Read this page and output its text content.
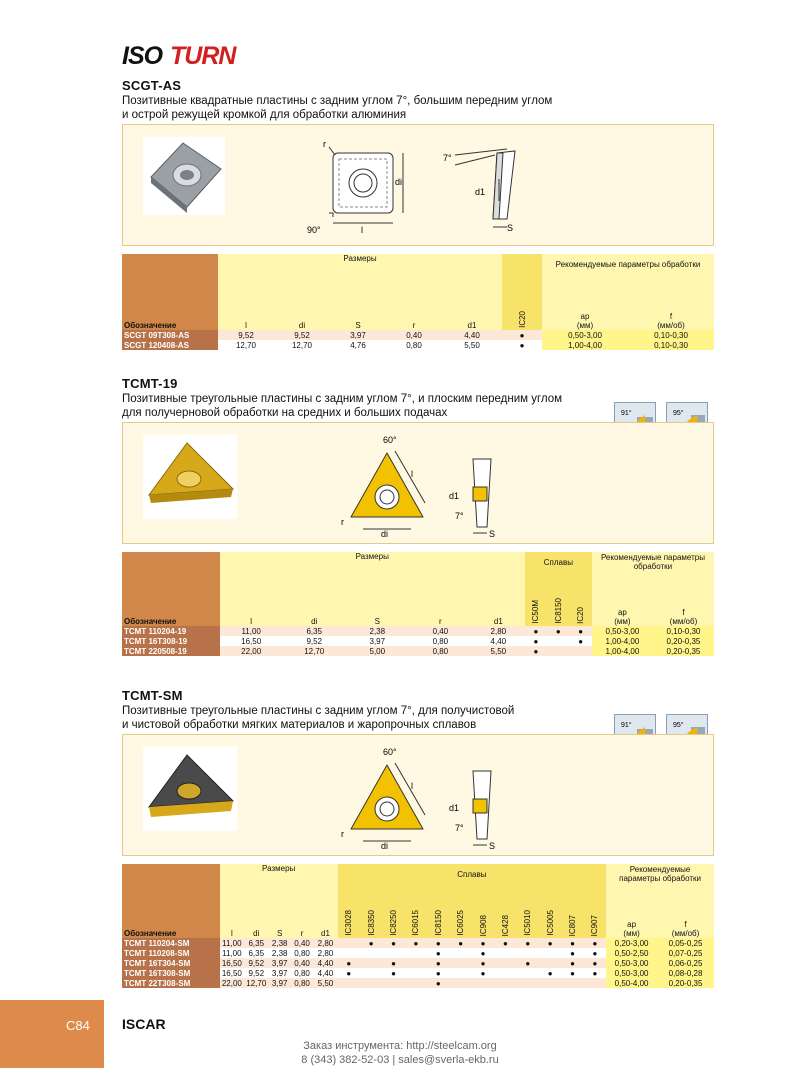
ISO TURN
SCGT-AS
Позитивные квадратные пластины с задним углом 7°, большим передним углом
и острой режущей кромкой для обработки алюминия
r
di
l
90°
7°
d1
S
	Размеры					IC20	Рекомендуемые параметры обработки	

Обозначение	l	di	S	r	d1		ap
(мм)	f
(мм/об)
SCGT 09T308-AS	9,52	9,52	3,97	0,40	4,40	●	0,50-3,00	0,10-0,30
SCGT 120408-AS	12,70	12,70	4,76	0,80	5,50	●	1,00-4,00	0,10-0,30
TCMT-19
Позитивные треугольные пластины с задним углом 7°, и плоским передним углом
для получерновой обработки на средних и больших подачах	91°	95°
60°
l
r
di
d1
7°
S
	Размеры					Сплавы			Рекомендуемые параметры обработки	
						IC50M	IC8150	IC20		
Обозначение	l	di	S	r	d1				ap
(мм)	f
(мм/об)
TCMT 110204-19	11,00	6,35	2,38	0,40	2,80	●	●	●	0,50-3,00	0,10-0,30
TCMT 16T308-19	16,50	9,52	3,97	0,80	4,40	●		●	1,00-4,00	0,20-0,35
TCMT 220508-19	22,00	12,70	5,00	0,80	5,50	●			1,00-4,00	0,20-0,35
TCMT-SM
Позитивные треугольные пластины с задним углом 7°, для получистовой
и чистовой обработки мягких материалов и жаропрочных сплавов	91°	95°
60°
l
r
di
d1
7°
S
	Размеры					Сплавы												Рекомендуемые параметры обработки	
						IC3028	IC8350	IC8250	IC6015	IC8150	IC6025	IC908	IC428	IC5010	IC5005	IC807	IC907		
Обозначение	l	di	S	r	d1													ap
(мм)	f
(мм/об)
TCMT 110204-SM	11,00	6,35	2,38	0,40	2,80		●	●	●	●	●	●	●	●	●	●	●	0,20-3,00	0,05-0,25
TCMT 110208-SM	11,00	6,35	2,38	0,80	2,80					●		●				●	●	0,50-2,50	0,07-0,25
TCMT 16T304-SM	16,50	9,52	3,97	0,40	4,40	●		●		●		●		●		●	●	0,50-3,00	0,06-0,25
TCMT 16T308-SM	16,50	9,52	3,97	0,80	4,40	●		●		●		●			●	●	●	0,50-3,00	0,08-0,28
TCMT 22T308-SM	22,00	12,70	3,97	0,80	5,50					●								0,50-4,00	0,20-0,35
C84 ISCAR
Заказ инструмента: http://steelcam.org
8 (343) 382-52-03 | sales@sverla-ekb.ru
